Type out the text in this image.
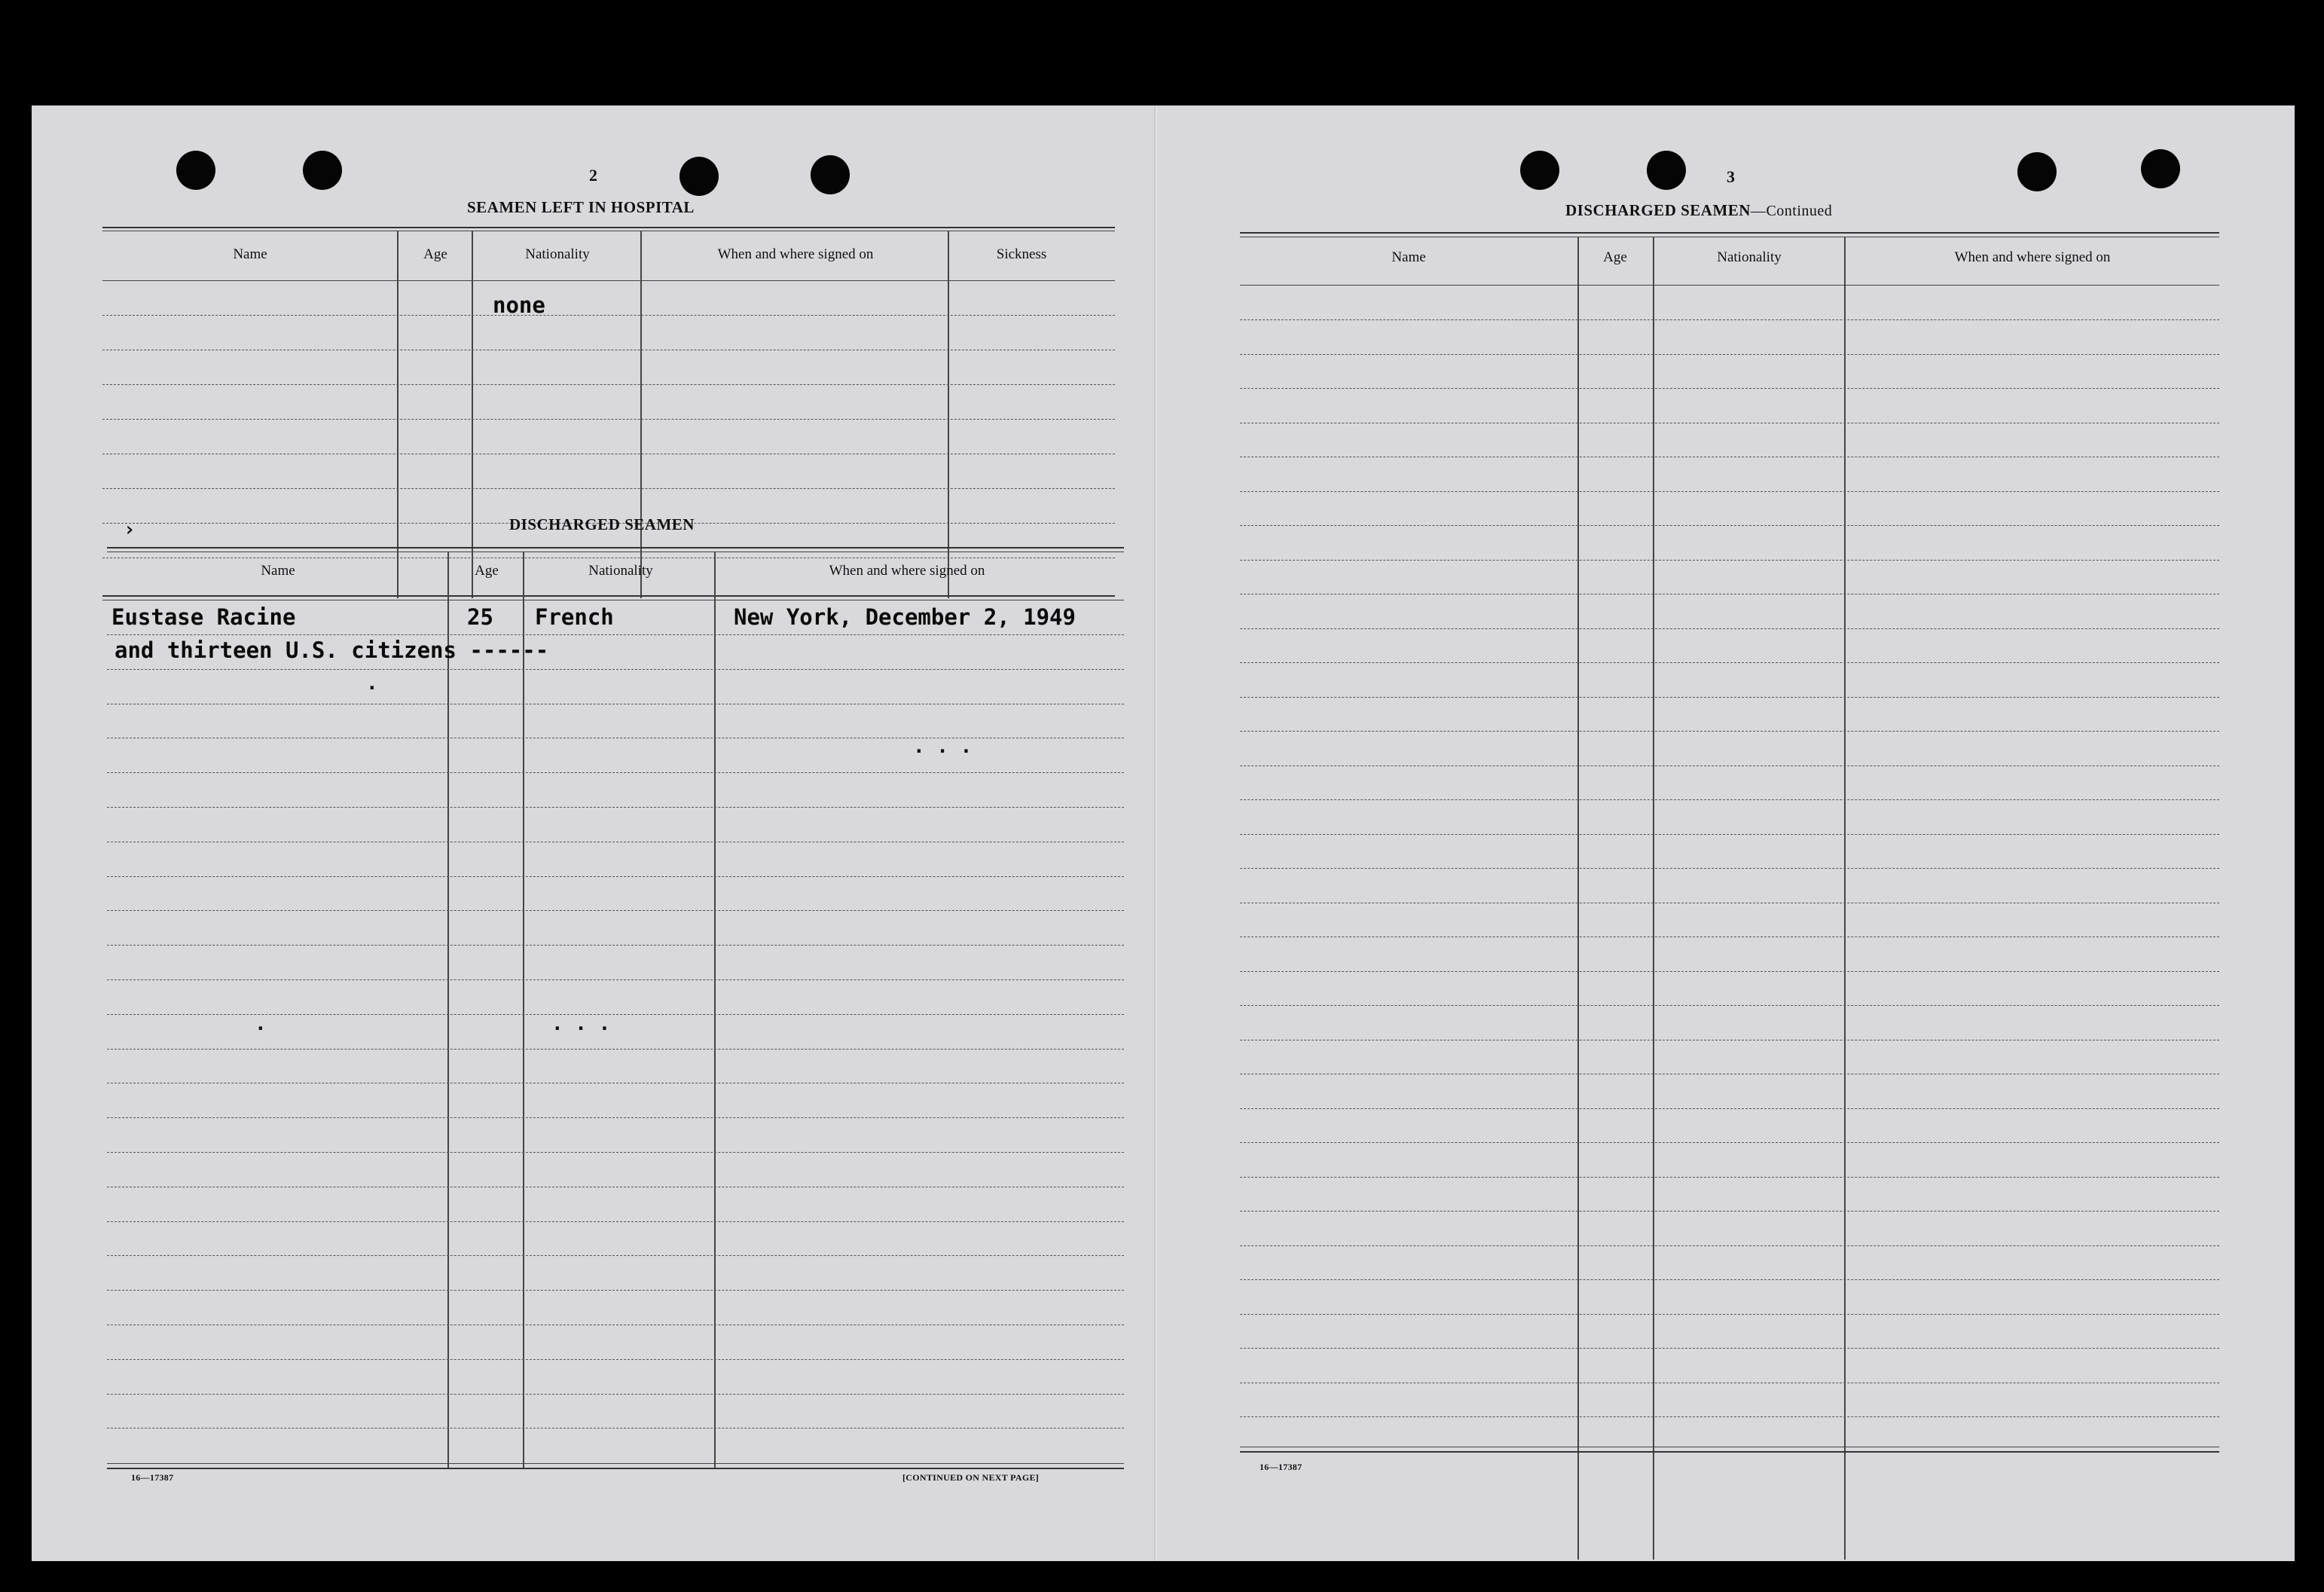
2
SEAMEN LEFT IN HOSPITAL
Name	Age	Nationality	When and where signed on	Sickness
none
›	DISCHARGED SEAMEN
Name	Age	Nationality	When and where signed on
Eustase Racine	25 French	New York, December 2, 1949
and thirteen U.S. citizens ------
.
. . .
.	. . .
16—17387	[CONTINUED ON NEXT PAGE]
3
DISCHARGED SEAMEN—Continued
Name	Age	Nationality	When and where signed on
16—17387
